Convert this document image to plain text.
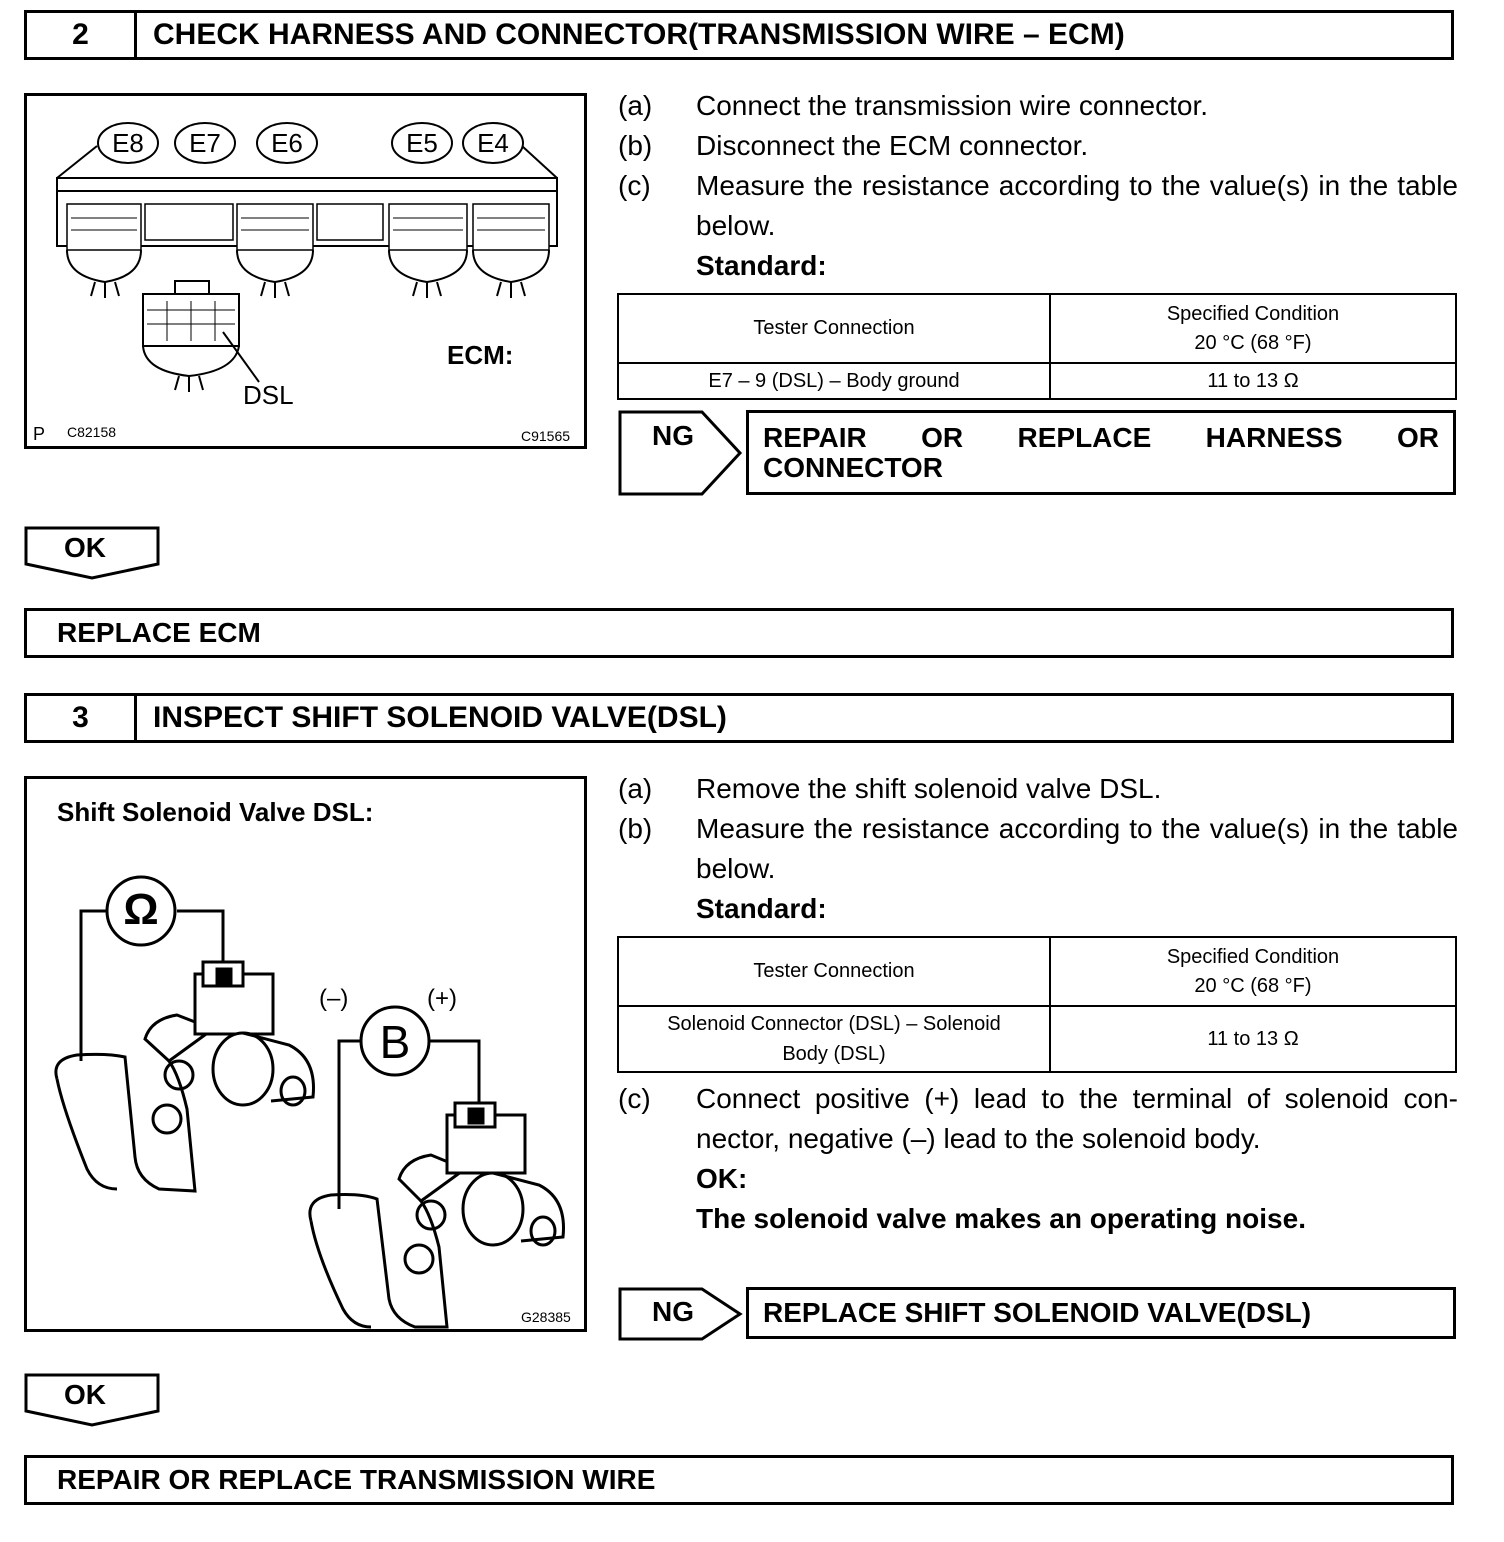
2	CHECK HARNESS AND CONNECTOR(TRANSMISSION WIRE – ECM)
E8	E7	E6	E5	E4
ECM:
DSL
P C82158	C91565
(a) Connect the transmission wire connector.
(b) Disconnect the ECM connector.
(c) Measure the resistance according to the value(s) in the table below.
Standard:
Tester Connection	Specified Condition
20 °C (68 °F)

E7 – 9 (DSL) – Body ground	11 to 13 Ω
NG	REPAIR OR REPLACE HARNESS OR CONNECTOR
OK
REPLACE ECM
3	INSPECT SHIFT SOLENOID VALVE(DSL)
Shift Solenoid Valve DSL:
Ω
B
(–)	(+)
G28385
(a) Remove the shift solenoid valve DSL.
(b) Measure the resistance according to the value(s) in the table below.
Standard:
Tester Connection	Specified Condition
20 °C (68 °F)

Solenoid Connector (DSL) – Solenoid Body (DSL)	11 to 13 Ω
(c) Connect positive (+) lead to the terminal of solenoid con-nector, negative (–) lead to the solenoid body.
OK:
The solenoid valve makes an operating noise.
NG REPLACE SHIFT SOLENOID VALVE(DSL)
OK
REPAIR OR REPLACE TRANSMISSION WIRE
